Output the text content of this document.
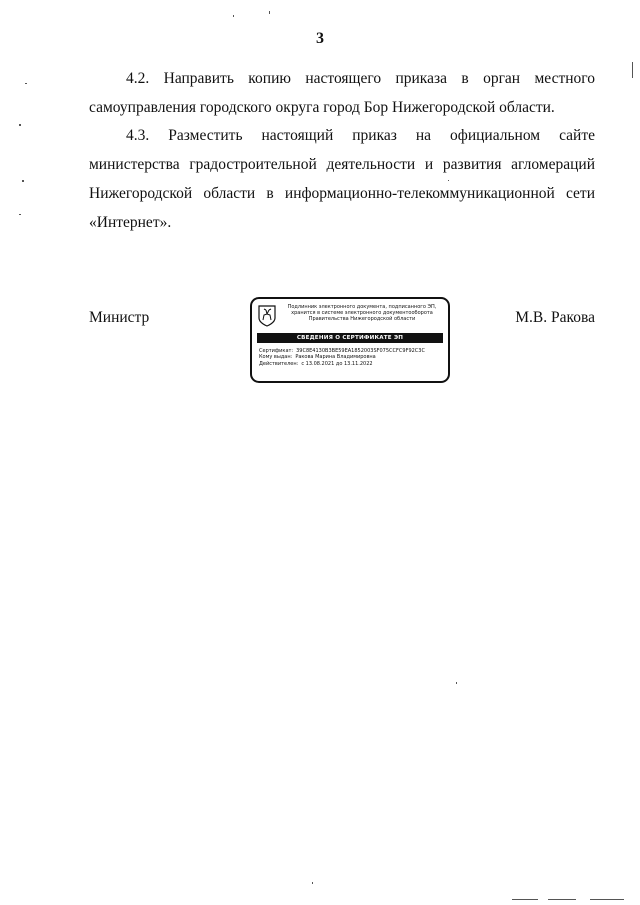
3

4.2. Направить копию настоящего приказа в орган местного самоуправления городского округа город Бор Нижегородской области.

4.3. Разместить настоящий приказ на официальном сайте министерства градостроительной деятельности и развития агломераций Нижегородской области в информационно-телекоммуникационной сети «Интернет».

Министр
Подлинник электронного документа, подписанного ЭП,
хранится в системе электронного документооборота
Правительства Нижегородской области
СВЕДЕНИЯ О СЕРТИФИКАТЕ ЭП
Сертификат: 39C8E4130B3BE59EA1852003SF075CCFC9F92C3C
Кому выдан: Ракова Марина Владимировна
Действителен: с 13.08.2021 до 13.11.2022
М.В. Ракова
